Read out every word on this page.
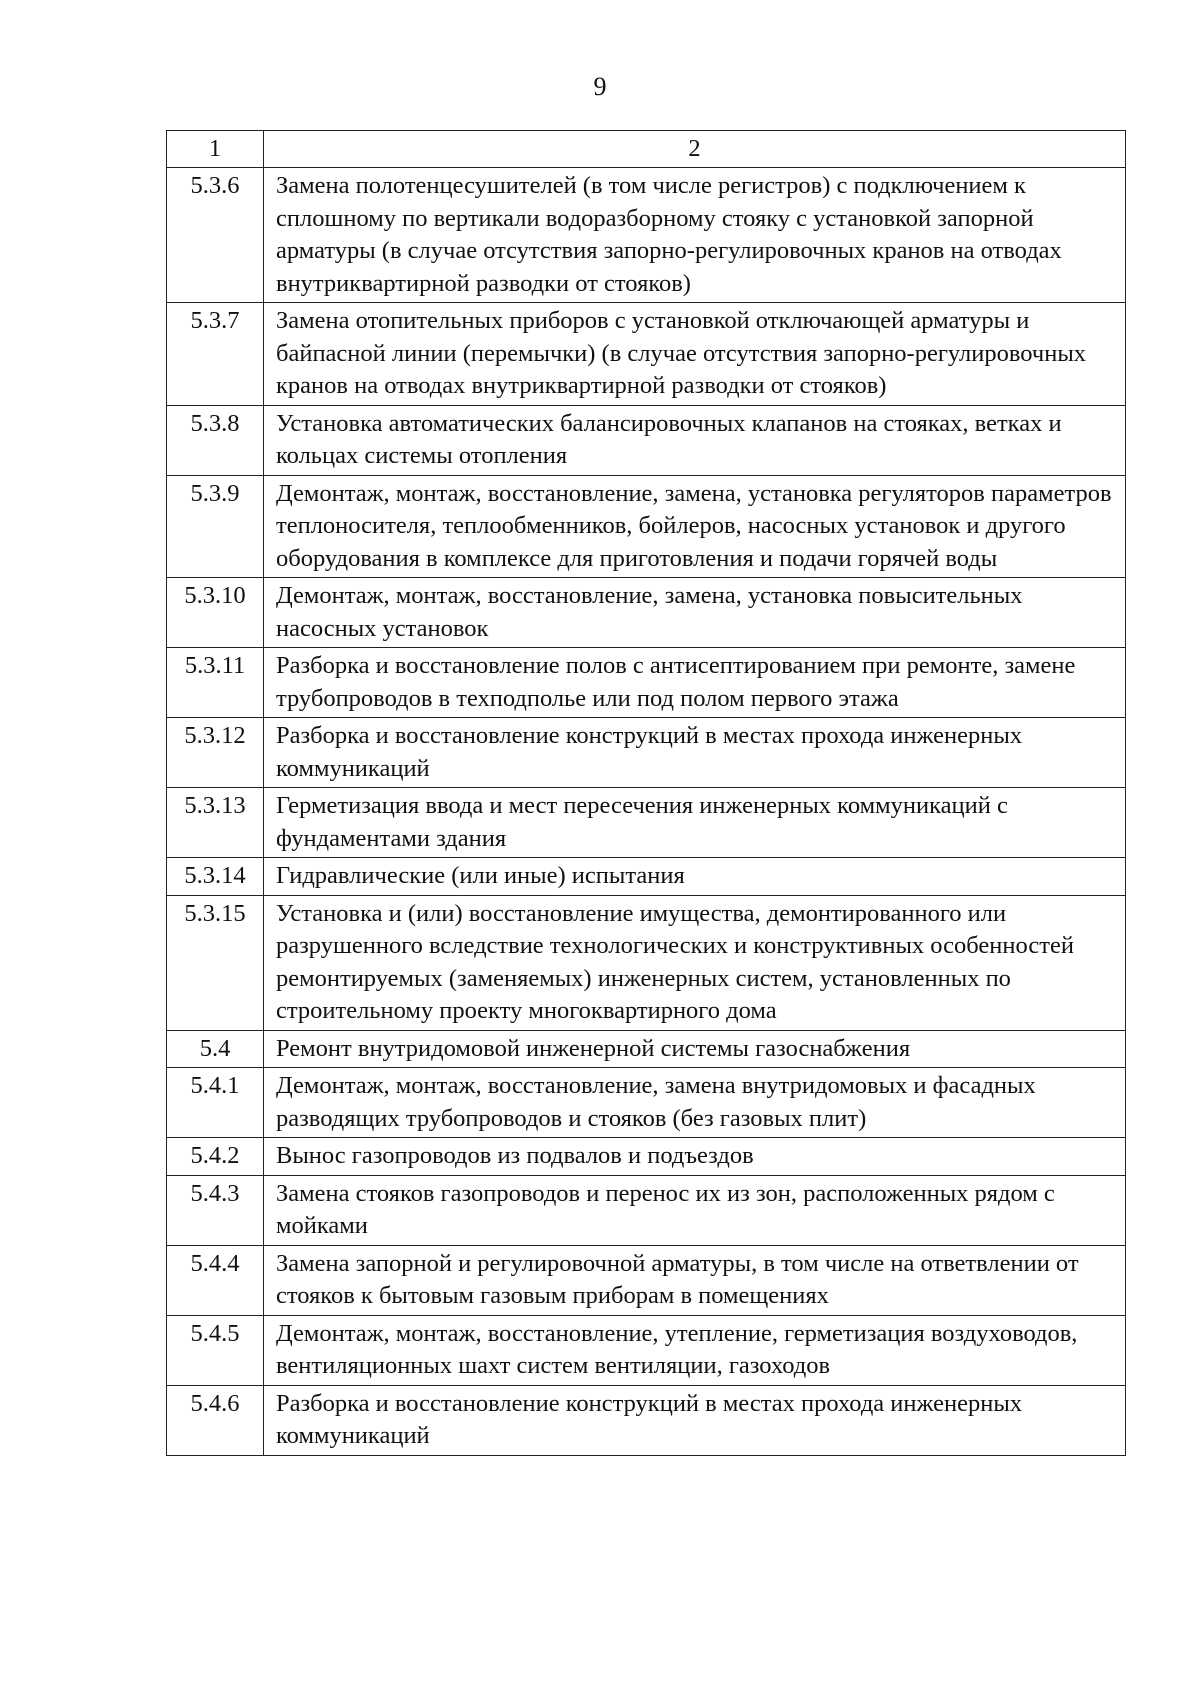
9
1	2
5.3.6	Замена полотенцесушителей (в том числе регистров) с подключением к сплошному по вертикали водоразборному стояку с установкой запорной арматуры (в случае отсутствия запорно-регулировочных кранов на отводах внутриквартирной разводки от стояков)
5.3.7	Замена отопительных приборов с установкой отключающей арматуры и байпасной линии (перемычки) (в случае отсутствия запорно-регулировочных кранов на отводах внутриквартирной разводки от стояков)
5.3.8	Установка автоматических балансировочных клапанов на стояках, ветках и кольцах системы отопления
5.3.9	Демонтаж, монтаж, восстановление, замена, установка регуляторов параметров теплоносителя, теплообменников, бойлеров, насосных установок и другого оборудования в комплексе для приготовления и подачи горячей воды
5.3.10	Демонтаж, монтаж, восстановление, замена, установка повысительных насосных установок
5.3.11	Разборка и восстановление полов с антисептированием при ремонте, замене трубопроводов в техподполье или под полом первого этажа
5.3.12	Разборка и восстановление конструкций в местах прохода инженерных коммуникаций
5.3.13	Герметизация ввода и мест пересечения инженерных коммуникаций с фундаментами здания
5.3.14	Гидравлические (или иные) испытания
5.3.15	Установка и (или) восстановление имущества, демонтированного или разрушенного вследствие технологических и конструктивных особенностей ремонтируемых (заменяемых) инженерных систем, установленных по строительному проекту многоквартирного дома
5.4	Ремонт внутридомовой инженерной системы газоснабжения
5.4.1	Демонтаж, монтаж, восстановление, замена внутридомовых и фасадных разводящих трубопроводов и стояков (без газовых плит)
5.4.2	Вынос газопроводов из подвалов и подъездов
5.4.3	Замена стояков газопроводов и перенос их из зон, расположенных рядом с мойками
5.4.4	Замена запорной и регулировочной арматуры, в том числе на ответвлении от стояков к бытовым газовым приборам в помещениях
5.4.5	Демонтаж, монтаж, восстановление, утепление, герметизация воздуховодов, вентиляционных шахт систем вентиляции, газоходов
5.4.6	Разборка и восстановление конструкций в местах прохода инженерных коммуникаций
